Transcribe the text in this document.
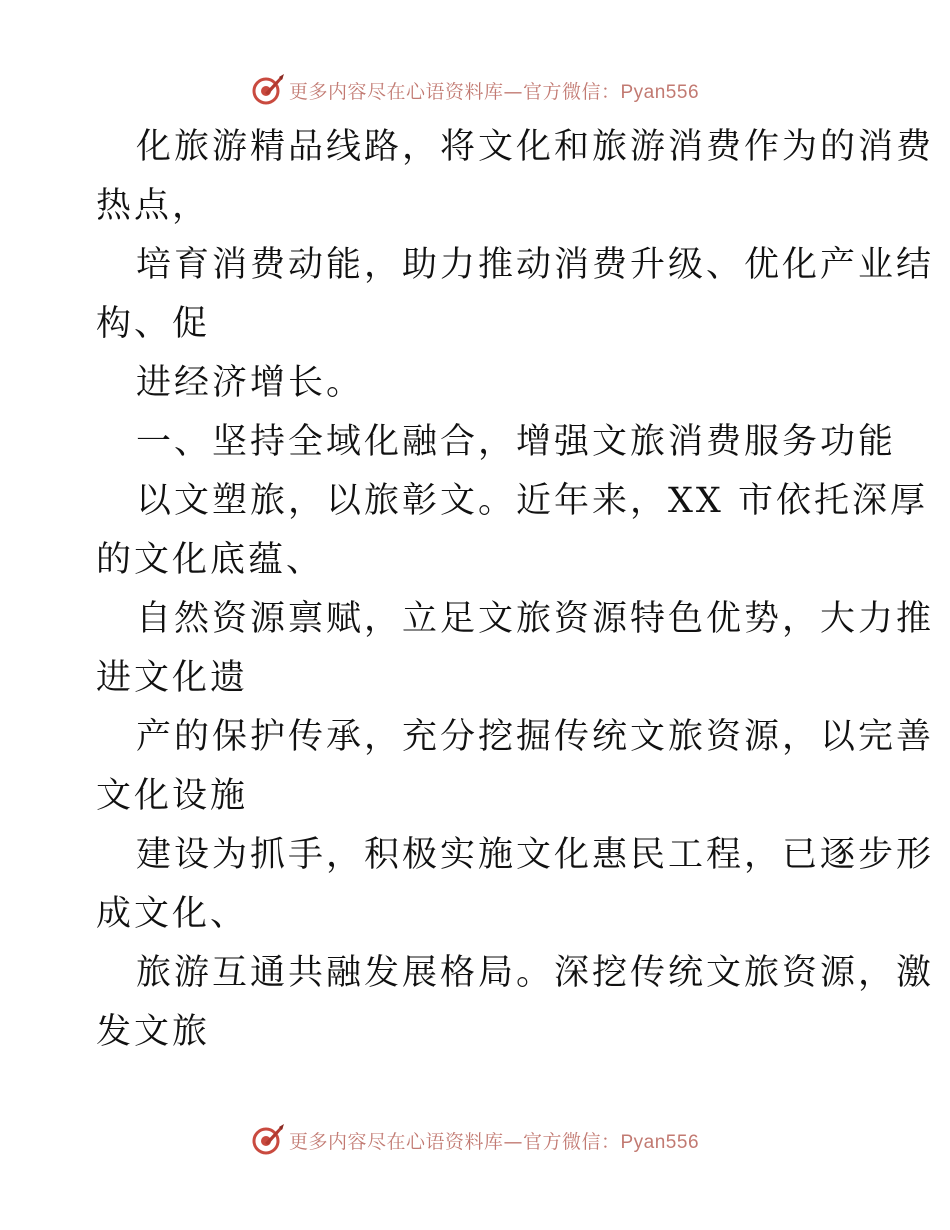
更多内容尽在心语资料库—官方微信：Pyan556
化旅游精品线路，将文化和旅游消费作为的消费
热点，
培育消费动能，助力推动消费升级、优化产业结
构、促
进经济增长。
一、坚持全域化融合，增强文旅消费服务功能
以文塑旅，以旅彰文。近年来，XX 市依托深厚
的文化底蕴、
自然资源禀赋，立足文旅资源特色优势，大力推
进文化遗
产的保护传承，充分挖掘传统文旅资源，以完善
文化设施
建设为抓手，积极实施文化惠民工程，已逐步形
成文化、
旅游互通共融发展格局。深挖传统文旅资源，激
发文旅
更多内容尽在心语资料库—官方微信：Pyan556
